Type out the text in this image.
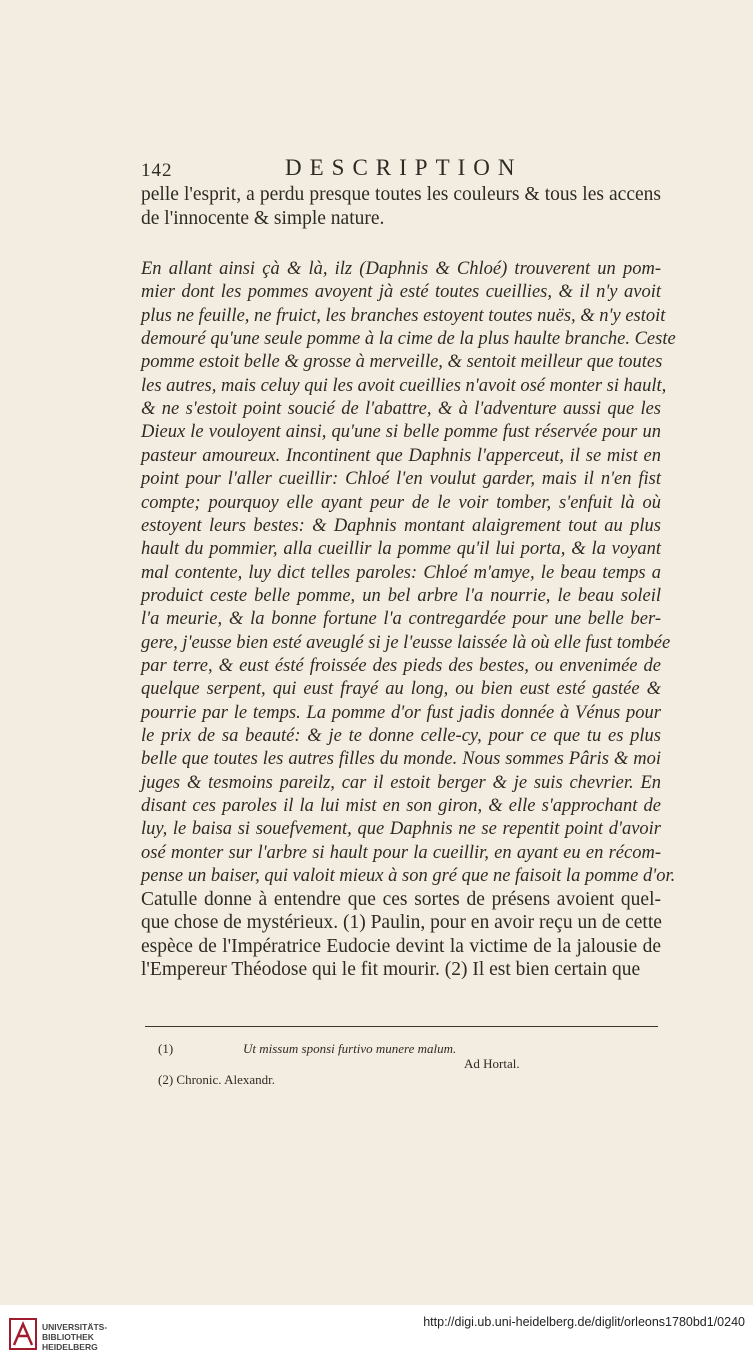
142	DESCRIPTION
pelle l'esprit, a perdu presque toutes les couleurs & tous les accens
de l'innocente & simple nature.
En allant ainsi çà & là, ilz (Daphnis & Chloé) trouverent un pom-
mier dont les pommes avoyent jà esté toutes cueillies, & il n'y avoit
plus ne feuille, ne fruict, les branches estoyent toutes nuës, & n'y estoit
demouré qu'une seule pomme à la cime de la plus haulte branche. Ceste
pomme estoit belle & grosse à merveille, & sentoit meilleur que toutes
les autres, mais celuy qui les avoit cueillies n'avoit osé monter si hault,
& ne s'estoit point soucié de l'abattre, & à l'adventure aussi que les
Dieux le vouloyent ainsi, qu'une si belle pomme fust réservée pour un
pasteur amoureux. Incontinent que Daphnis l'apperceut, il se mist en
point pour l'aller cueillir: Chloé l'en voulut garder, mais il n'en fist
compte; pourquoy elle ayant peur de le voir tomber, s'enfuit là où
estoyent leurs bestes: & Daphnis montant alaigrement tout au plus
hault du pommier, alla cueillir la pomme qu'il lui porta, & la voyant
mal contente, luy dict telles paroles: Chloé m'amye, le beau temps a
produict ceste belle pomme, un bel arbre l'a nourrie, le beau soleil
l'a meurie, & la bonne fortune l'a contregardée pour une belle ber-
gere, j'eusse bien esté aveuglé si je l'eusse laissée là où elle fust tombée
par terre, & eust ésté froissée des pieds des bestes, ou envenimée de
quelque serpent, qui eust frayé au long, ou bien eust esté gastée &
pourrie par le temps. La pomme d'or fust jadis donnée à Vénus pour
le prix de sa beauté: & je te donne celle-cy, pour ce que tu es plus
belle que toutes les autres filles du monde. Nous sommes Pâris & moi
juges & tesmoins pareilz, car il estoit berger & je suis chevrier. En
disant ces paroles il la lui mist en son giron, & elle s'approchant de
luy, le baisa si souefvement, que Daphnis ne se repentit point d'avoir
osé monter sur l'arbre si hault pour la cueillir, en ayant eu en récom-
pense un baiser, qui valoit mieux à son gré que ne faisoit la pomme d'or.
Catulle donne à entendre que ces sortes de présens avoient quel-
que chose de mystérieux. (1) Paulin, pour en avoir reçu un de cette
espèce de l'Impératrice Eudocie devint la victime de la jalousie de
l'Empereur Théodose qui le fit mourir. (2) Il est bien certain que
(1)	Ut missum sponsi furtivo munere malum.
Ad Hortal.
(2) Chronic. Alexandr.
UNIVERSITÄTS-
BIBLIOTHEK
HEIDELBERG
http://digi.ub.uni-heidelberg.de/diglit/orleons1780bd1/0240
